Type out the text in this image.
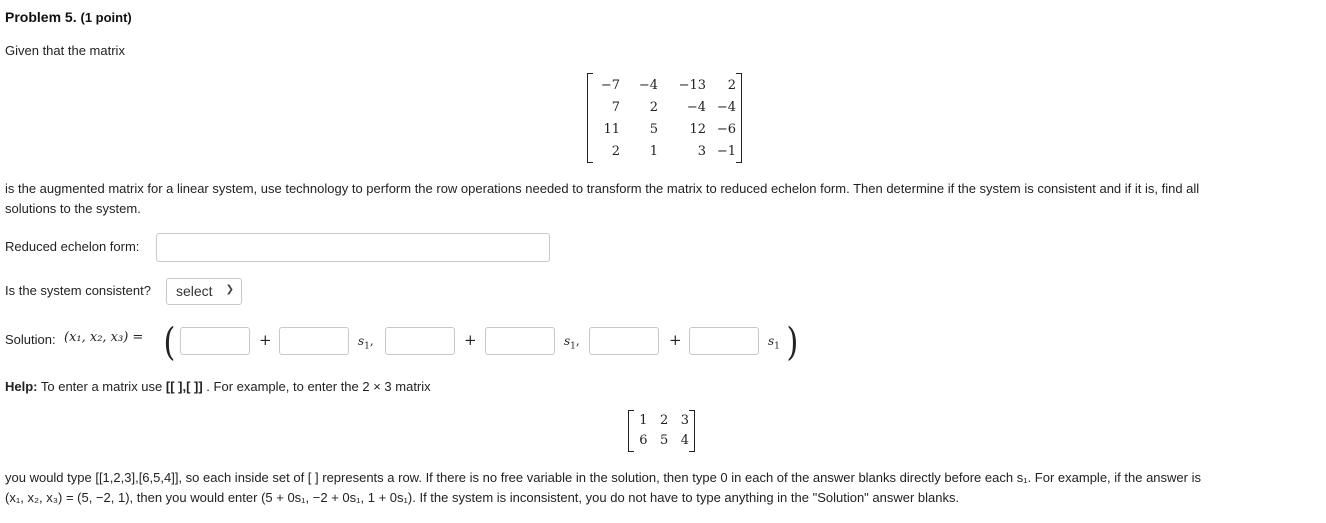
Problem 5. (1 point)
Given that the matrix
−7	−4	−13	2
7	2	−4	−4
11	5	12	−6
2	1	3	−1
is the augmented matrix for a linear system, use technology to perform the row operations needed to transform the matrix to reduced echelon form. Then determine if the system is consistent and if it is, find all
solutions to the system.
Reduced echelon form:
Is the system consistent?	select ❯
Solution: (x₁, x₂, x₃) = (	+	$s_1$,	+	$s_1$,	+	$s_1$ )
Help: To enter a matrix use [[ ],[ ]] . For example, to enter the 2 × 3 matrix
1	2	3
6	5	4
you would type [[1,2,3],[6,5,4]], so each inside set of [ ] represents a row. If there is no free variable in the solution, then type 0 in each of the answer blanks directly before each s₁. For example, if the answer is
(x₁, x₂, x₃) = (5, −2, 1), then you would enter (5 + 0s₁, −2 + 0s₁, 1 + 0s₁). If the system is inconsistent, you do not have to type anything in the "Solution" answer blanks.
